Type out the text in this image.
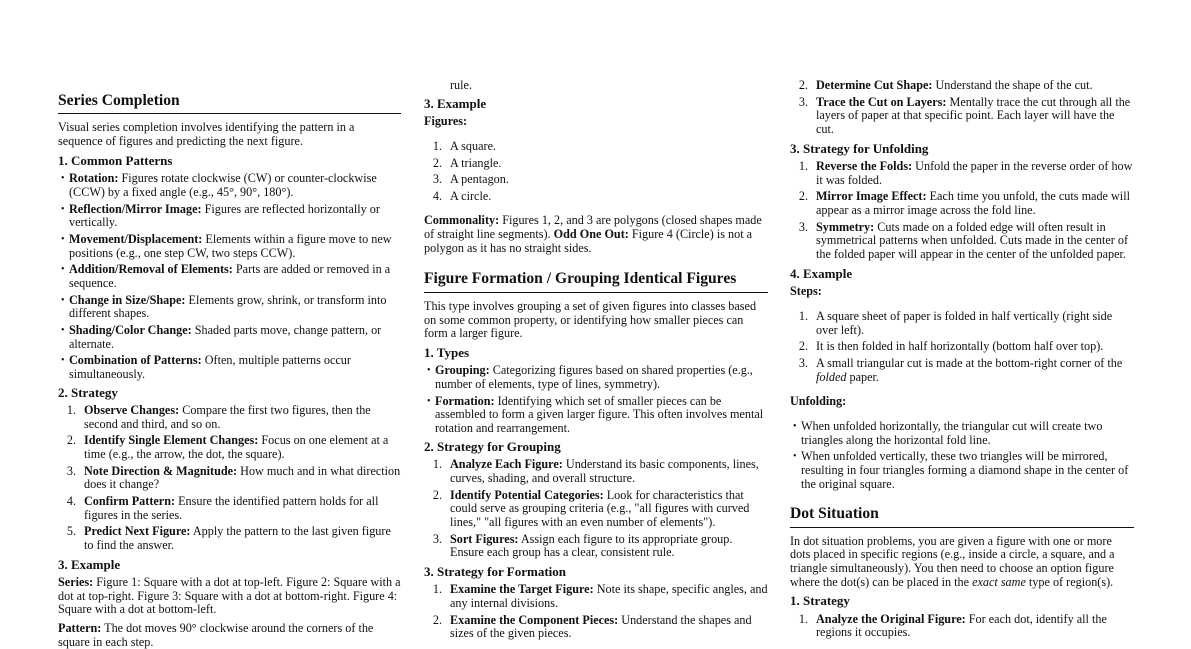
Series Completion

Visual series completion involves identifying the pattern in a sequence of figures and predicting the next figure.

1. Common Patterns
• Rotation: Figures rotate clockwise (CW) or counter-clockwise (CCW) by a fixed angle (e.g., 45°, 90°, 180°).
• Reflection/Mirror Image: Figures are reflected horizontally or vertically.
• Movement/Displacement: Elements within a figure move to new positions (e.g., one step CW, two steps CCW).
• Addition/Removal of Elements: Parts are added or removed in a sequence.
• Change in Size/Shape: Elements grow, shrink, or transform into different shapes.
• Shading/Color Change: Shaded parts move, change pattern, or alternate.
• Combination of Patterns: Often, multiple patterns occur simultaneously.
2. Strategy
1. Observe Changes: Compare the first two figures, then the second and third, and so on.
2. Identify Single Element Changes: Focus on one element at a time (e.g., the arrow, the dot, the square).
3. Note Direction & Magnitude: How much and in what direction does it change?
4. Confirm Pattern: Ensure the identified pattern holds for all figures in the series.
5. Predict Next Figure: Apply the pattern to the last given figure to find the answer.
3. Example

Series: Figure 1: Square with a dot at top-left. Figure 2: Square with a dot at top-right. Figure 3: Square with a dot at bottom-right. Figure 4: Square with a dot at bottom-left.

Pattern: The dot moves 90° clockwise around the corners of the square in each step.

rule.
3. Example

Figures:

1. A square.
2. A triangle.
3. A pentagon.
4. A circle.

Commonality: Figures 1, 2, and 3 are polygons (closed shapes made of straight line segments). Odd One Out: Figure 4 (Circle) is not a polygon as it has no straight sides.

Figure Formation / Grouping Identical Figures

This type involves grouping a set of given figures into classes based on some common property, or identifying how smaller pieces can form a larger figure.

1. Types
• Grouping: Categorizing figures based on shared properties (e.g., number of elements, type of lines, symmetry).
• Formation: Identifying which set of smaller pieces can be assembled to form a given larger figure. This often involves mental rotation and rearrangement.
2. Strategy for Grouping
1. Analyze Each Figure: Understand its basic components, lines, curves, shading, and overall structure.
2. Identify Potential Categories: Look for characteristics that could serve as grouping criteria (e.g., "all figures with curved lines," "all figures with an even number of elements").
3. Sort Figures: Assign each figure to its appropriate group. Ensure each group has a clear, consistent rule.
3. Strategy for Formation
1. Examine the Target Figure: Note its shape, specific angles, and any internal divisions.
2. Examine the Component Pieces: Understand the shapes and sizes of the given pieces.
2. Determine Cut Shape: Understand the shape of the cut.
3. Trace the Cut on Layers: Mentally trace the cut through all the layers of paper at that specific point. Each layer will have the cut.
3. Strategy for Unfolding
1. Reverse the Folds: Unfold the paper in the reverse order of how it was folded.
2. Mirror Image Effect: Each time you unfold, the cuts made will appear as a mirror image across the fold line.
3. Symmetry: Cuts made on a folded edge will often result in symmetrical patterns when unfolded. Cuts made in the center of the folded paper will appear in the center of the unfolded paper.
4. Example

Steps:

1. A square sheet of paper is folded in half vertically (right side over left).
2. It is then folded in half horizontally (bottom half over top).
3. A small triangular cut is made at the bottom-right corner of the folded paper.

Unfolding:

• When unfolded horizontally, the triangular cut will create two triangles along the horizontal fold line.
• When unfolded vertically, these two triangles will be mirrored, resulting in four triangles forming a diamond shape in the center of the original square.
Dot Situation

In dot situation problems, you are given a figure with one or more dots placed in specific regions (e.g., inside a circle, a square, and a triangle simultaneously). You then need to choose an option figure where the dot(s) can be placed in the exact same type of region(s).

1. Strategy
1. Analyze the Original Figure: For each dot, identify all the regions it occupies.
